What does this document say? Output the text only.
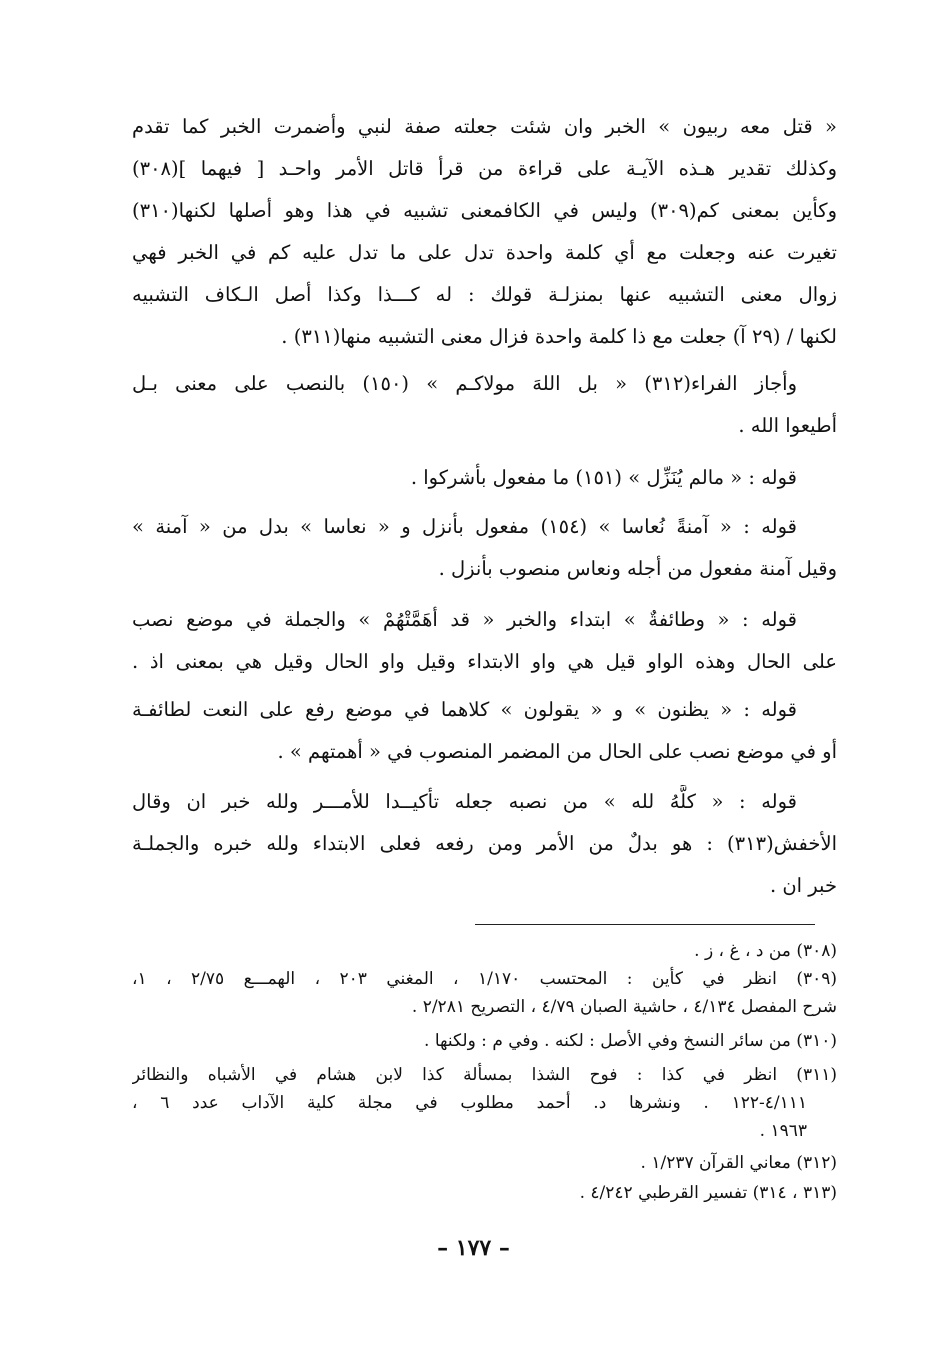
« قتل معه ربيون » الخبر وان شئت جعلته صفة لنبي وأضمرت الخبر كما تقدم
وكذلك تقدير هـذه الآيـة على قراءة من قرأ قاتل الأمر واحـد [ فيهما ](٣٠٨)
وكأين بمعنى كم(٣٠٩) وليس في الكافمعنى تشبيه في هذا وهو أصلها لكنها(٣١٠)
تغيرت عنه وجعلت مع أي كلمة واحدة تدل على ما تدل عليه كم في الخبر فهي
زوال معنى التشبيه عنها بمنزلـة قولك : له كـــذا وكذا أصل الـكاف التشبيه
لكنها / (٢٩ آ) جعلت مع ذا كلمة واحدة فزال معنى التشبيه منها(٣١١) .
وأجاز الفراء(٣١٢) « بل اللهَ مولاكـم » (١٥٠) بالنصب على معنى بـل
أطيعوا الله .
قوله : « مالم يُنَزِّل » (١٥١) ما مفعول بأشركوا .
قوله : « آمنةً نُعاسا » (١٥٤) مفعول بأنزل و « نعاسا » بدل من « آمنة »
وقيل آمنة مفعول من أجله ونعاس منصوب بأنزل .
قوله : « وطائفةٌ » ابتداء والخبر « قد أهَمَّتْهُمْ » والجملة في موضع نصب
على الحال وهذه الواو قيل هي واو الابتداء وقيل واو الحال وقيل هي بمعنى اذ .
قوله : « يظنون » و « يقولون » كلاهما في موضع رفع على النعت لطائفـة
أو في موضع نصب على الحال من المضمر المنصوب في « أهمتهم » .
قوله : « كلَّهُ لله » من نصبه جعله تأكيــدا للأمـــر ولله خبر ان وقال
الأخفش(٣١٣) : هو بدلٌ من الأمر ومن رفعه فعلى الابتداء ولله خبره والجملـة
خبر ان .
(٣٠٨) من د ، غ ، ز .
(٣٠٩) انظر في كأين : المحتسب ١/١٧٠ ، المغني ٢٠٣ ، الهمـــع ٢/٧٥ ، ١،
شرح المفصل ٤/١٣٤ ، حاشية الصبان ٤/٧٩ ، التصريح ٢/٢٨١ .
(٣١٠) من سائر النسخ وفي الأصل : لكنه . وفي م : ولكنها .
(٣١١) انظر في كذا : فوح الشذا بمسألة كذا لابن هشام في الأشباه والنظائر
٤/١١١-١٢٢ . ونشرها د. أحمد مطلوب في مجلة كلية الآداب عدد ٦ ،
١٩٦٣ .
(٣١٢) معاني القرآن ١/٢٣٧ .
(٣١٣ ، ٣١٤) تفسير القرطبي ٤/٢٤٢ .
– ١٧٧ –
